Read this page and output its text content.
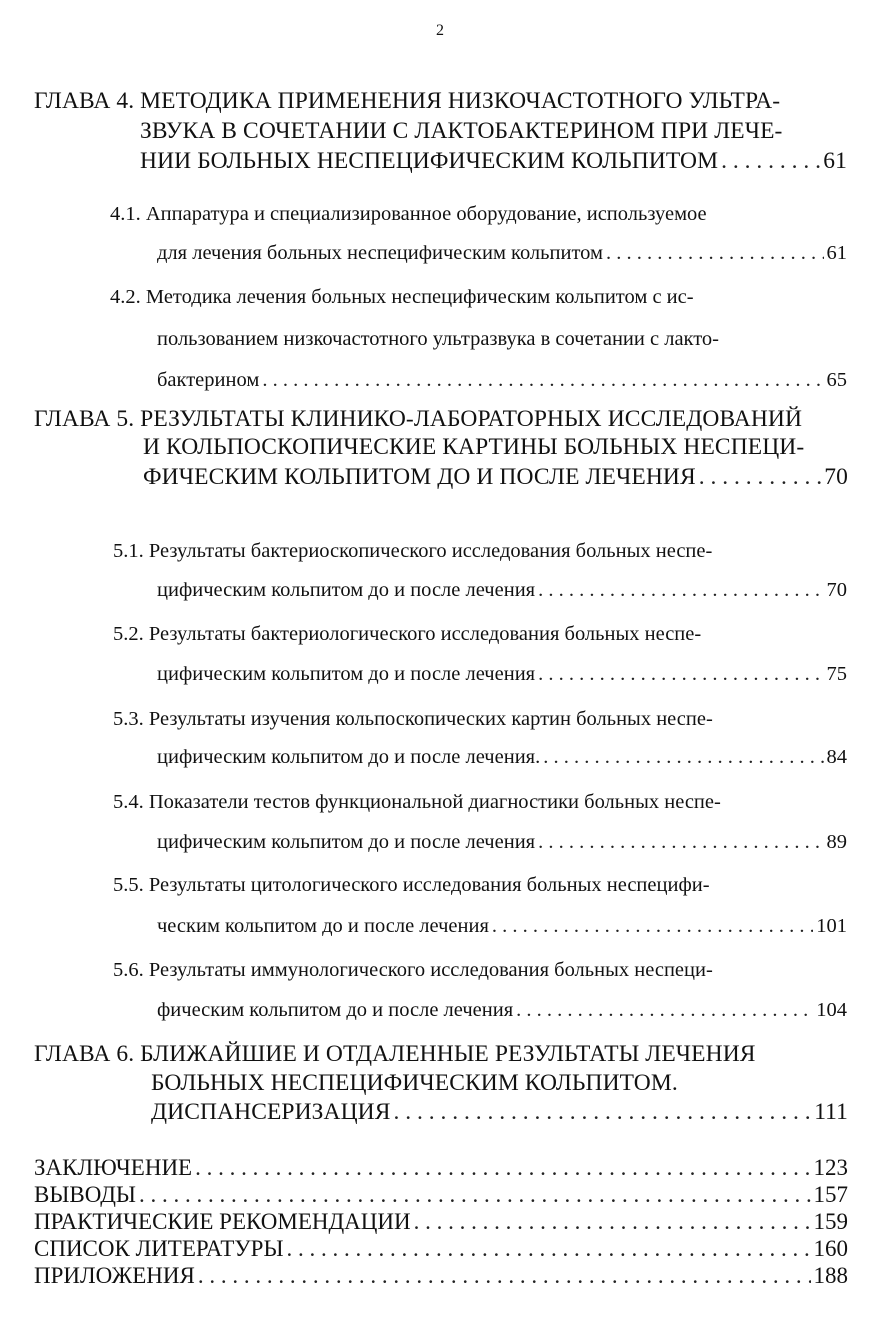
2
ГЛАВА 4. МЕТОДИКА ПРИМЕНЕНИЯ НИЗКОЧАСТОТНОГО УЛЬТРА-
ЗВУКА В СОЧЕТАНИИ С ЛАКТОБАКТЕРИНОМ ПРИ ЛЕЧЕ-
НИИ БОЛЬНЫХ НЕСПЕЦИФИЧЕСКИМ КОЛЬПИТОМ . . .	61
4.1. Аппаратура и специализированное оборудование, используемое
для лечения больных неспецифическим кольпитом . . .	61
4.2. Методика лечения больных неспецифическим кольпитом с ис-
пользованием низкочастотного ультразвука в сочетании с лакто-
бактерином . . .	65
ГЛАВА 5. РЕЗУЛЬТАТЫ КЛИНИКО-ЛАБОРАТОРНЫХ ИССЛЕДОВАНИЙ
И КОЛЬПОСКОПИЧЕСКИЕ КАРТИНЫ БОЛЬНЫХ НЕСПЕЦИ-
ФИЧЕСКИМ КОЛЬПИТОМ ДО И ПОСЛЕ ЛЕЧЕНИЯ . . .	70
5.1. Результаты бактериоскопического исследования больных неспе-
цифическим кольпитом до и после лечения . . .	70
5.2. Результаты бактериологического исследования больных неспе-
цифическим кольпитом до и после лечения . . .	75
5.3. Результаты изучения кольпоскопических картин больных неспе-
цифическим кольпитом до и после лечения. . . .	84
5.4. Показатели тестов функциональной диагностики больных неспе-
цифическим кольпитом до и после лечения . . .	89
5.5. Результаты цитологического исследования больных неспецифи-
ческим кольпитом до и после лечения . . .	101
5.6. Результаты иммунологического исследования больных неспеци-
фическим кольпитом до и после лечения . . .	104
ГЛАВА 6. БЛИЖАЙШИЕ И ОТДАЛЕННЫЕ РЕЗУЛЬТАТЫ ЛЕЧЕНИЯ
БОЛЬНЫХ НЕСПЕЦИФИЧЕСКИМ КОЛЬПИТОМ.
ДИСПАНСЕРИЗАЦИЯ . . .	111
ЗАКЛЮЧЕНИЕ . . .	123
ВЫВОДЫ . . .	157
ПРАКТИЧЕСКИЕ РЕКОМЕНДАЦИИ . . .	159
СПИСОК ЛИТЕРАТУРЫ . . .	160
ПРИЛОЖЕНИЯ . . .	188
